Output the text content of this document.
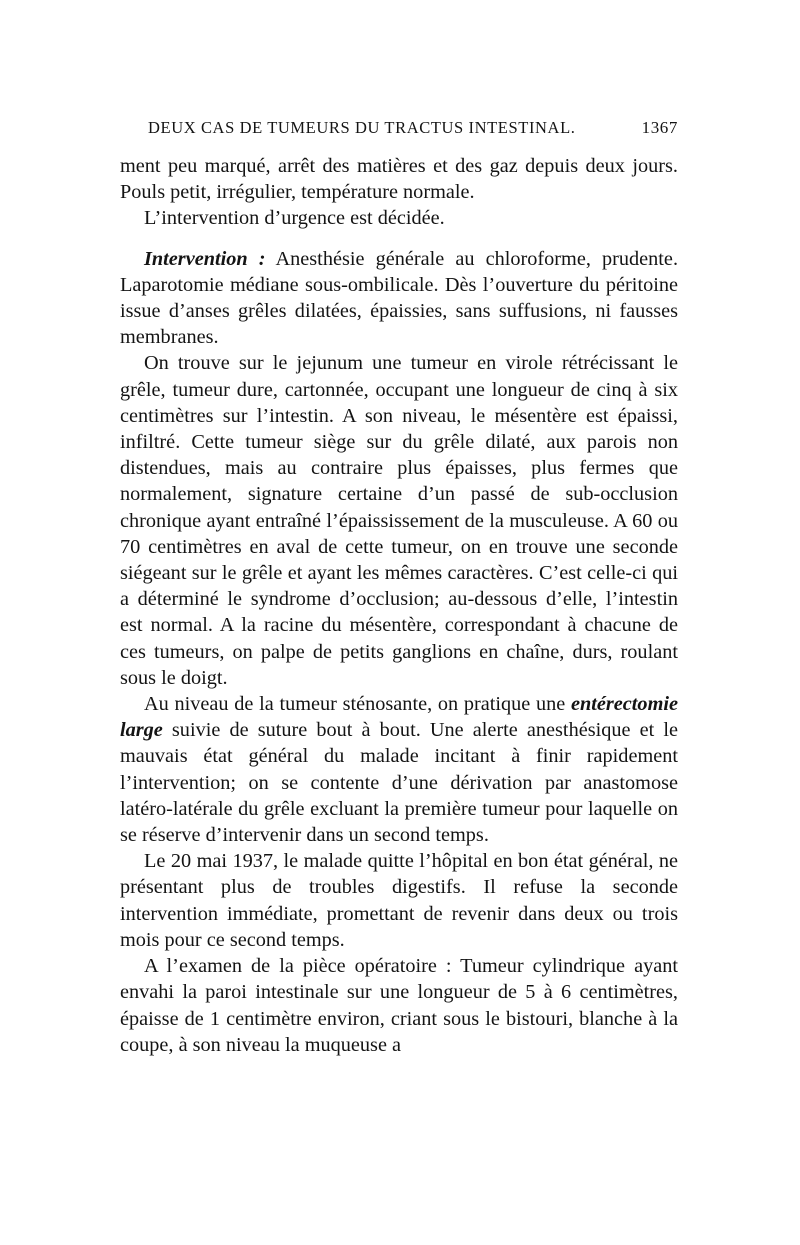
DEUX CAS DE TUMEURS DU TRACTUS INTESTINAL.	1367

ment peu marqué, arrêt des matières et des gaz depuis deux jours. Pouls petit, irrégulier, température normale.

L’intervention d’urgence est décidée.

Intervention : Anesthésie générale au chloroforme, prudente. Laparotomie médiane sous-ombilicale. Dès l’ouverture du péritoine issue d’anses grêles dilatées, épaissies, sans suffusions, ni fausses membranes.

On trouve sur le jejunum une tumeur en virole rétrécissant le grêle, tumeur dure, cartonnée, occupant une longueur de cinq à six centimètres sur l’intestin. A son niveau, le mésentère est épaissi, infiltré. Cette tumeur siège sur du grêle dilaté, aux parois non distendues, mais au contraire plus épaisses, plus fermes que normalement, signature certaine d’un passé de sub-occlusion chronique ayant entraîné l’épaississement de la musculeuse. A 60 ou 70 centimètres en aval de cette tumeur, on en trouve une seconde siégeant sur le grêle et ayant les mêmes caractères. C’est celle-ci qui a déterminé le syndrome d’occlusion; au-dessous d’elle, l’intestin est normal. A la racine du mésentère, correspondant à chacune de ces tumeurs, on palpe de petits ganglions en chaîne, durs, roulant sous le doigt.

Au niveau de la tumeur sténosante, on pratique une entérectomie large suivie de suture bout à bout. Une alerte anesthésique et le mauvais état général du malade incitant à finir rapidement l’intervention; on se contente d’une dérivation par anastomose latéro-latérale du grêle excluant la première tumeur pour laquelle on se réserve d’intervenir dans un second temps.

Le 20 mai 1937, le malade quitte l’hôpital en bon état général, ne présentant plus de troubles digestifs. Il refuse la seconde intervention immédiate, promettant de revenir dans deux ou trois mois pour ce second temps.

A l’examen de la pièce opératoire : Tumeur cylindrique ayant envahi la paroi intestinale sur une longueur de 5 à 6 centimètres, épaisse de 1 centimètre environ, criant sous le bistouri, blanche à la coupe, à son niveau la muqueuse a
